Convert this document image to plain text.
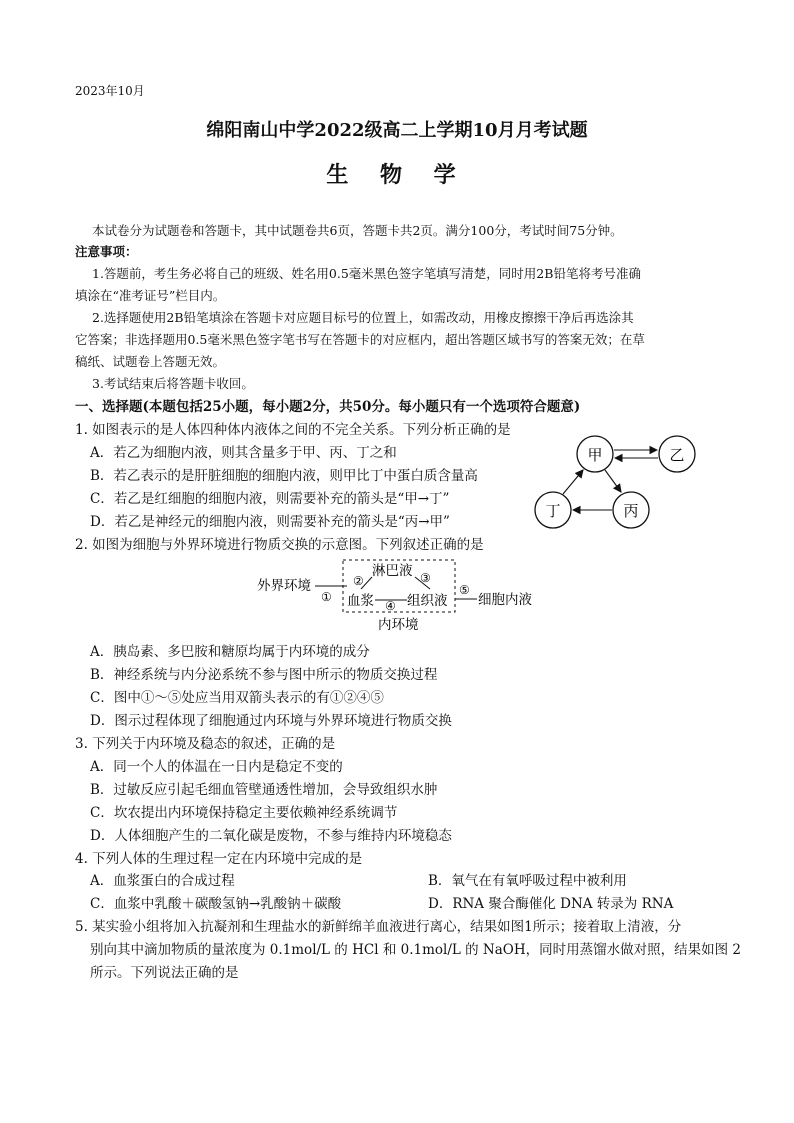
2023年10月
绵阳南山中学2022级高二上学期10月月考试题
生 物 学
本试卷分为试题卷和答题卡，其中试题卷共6页，答题卡共2页。满分100分，考试时间75分钟。
注意事项：
1.答题前，考生务必将自己的班级、姓名用0.5毫米黑色签字笔填写清楚，同时用2B铅笔将考号准确
填涂在“准考证号”栏目内。
2.选择题使用2B铅笔填涂在答题卡对应题目标号的位置上，如需改动，用橡皮擦擦干净后再选涂其
它答案；非选择题用0.5毫米黑色签字笔书写在答题卡的对应框内，超出答题区域书写的答案无效；在草
稿纸、试题卷上答题无效。
3.考试结束后将答题卡收回。
一、选择题(本题包括25小题，每小题2分，共50分。每小题只有一个选项符合题意)
1. 如图表示的是人体四种体内液体之间的不完全关系。下列分析正确的是
A．若乙为细胞内液，则其含量多于甲、丙、丁之和
B．若乙表示的是肝脏细胞的细胞内液，则甲比丁中蛋白质含量高
C．若乙是红细胞的细胞内液，则需要补充的箭头是“甲→丁”
D．若乙是神经元的细胞内液，则需要补充的箭头是“丙→甲”
甲	乙
丁	丙
2. 如图为细胞与外界环境进行物质交换的示意图。下列叙述正确的是
外界环境
①
淋巴液
血浆 组织液
②	③
④
⑤
细胞内液
内环境
A．胰岛素、多巴胺和糖原均属于内环境的成分
B．神经系统与内分泌系统不参与图中所示的物质交换过程
C．图中①～⑤处应当用双箭头表示的有①②④⑤
D．图示过程体现了细胞通过内环境与外界环境进行物质交换
3. 下列关于内环境及稳态的叙述，正确的是
A．同一个人的体温在一日内是稳定不变的
B．过敏反应引起毛细血管壁通透性增加，会导致组织水肿
C．坎农提出内环境保持稳定主要依赖神经系统调节
D．人体细胞产生的二氧化碳是废物，不参与维持内环境稳态
4. 下列人体的生理过程一定在内环境中完成的是
A．血浆蛋白的合成过程	B．氧气在有氧呼吸过程中被利用
C．血浆中乳酸＋碳酸氢钠→乳酸钠＋碳酸	D．RNA 聚合酶催化 DNA 转录为 RNA
5. 某实验小组将加入抗凝剂和生理盐水的新鲜绵羊血液进行离心，结果如图1所示；接着取上清液，分
别向其中滴加物质的量浓度为 0.1mol/L 的 HCl 和 0.1mol/L 的 NaOH，同时用蒸馏水做对照，结果如图 2
所示。下列说法正确的是
